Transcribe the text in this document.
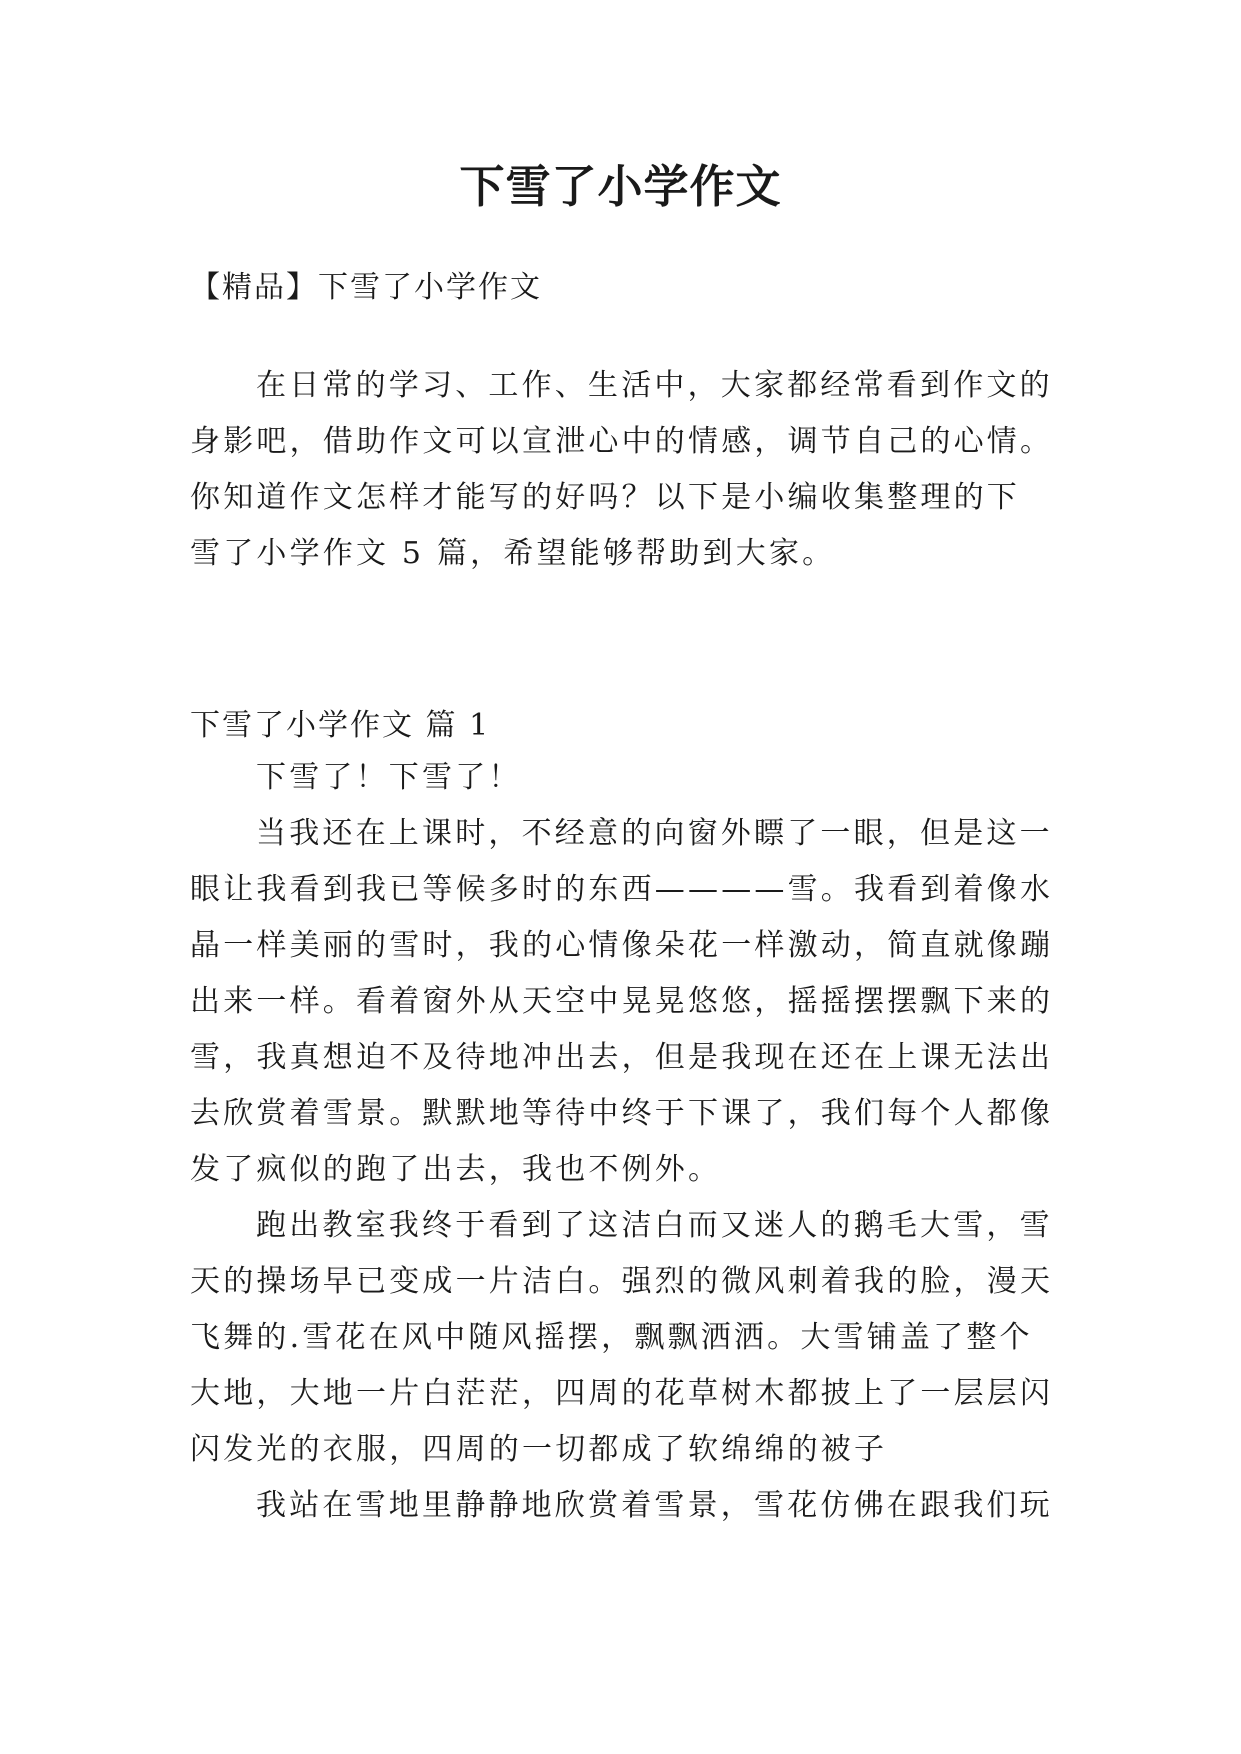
下雪了小学作文

【精品】下雪了小学作文

在日常的学习、工作、生活中，大家都经常看到作文的
身影吧，借助作文可以宣泄心中的情感，调节自己的心情。
你知道作文怎样才能写的好吗？以下是小编收集整理的下
雪了小学作文 5 篇，希望能够帮助到大家。

下雪了小学作文 篇 1

下雪了！下雪了！
当我还在上课时，不经意的向窗外瞟了一眼，但是这一
眼让我看到我已等候多时的东西————雪。我看到着像水
晶一样美丽的雪时，我的心情像朵花一样激动，简直就像蹦
出来一样。看着窗外从天空中晃晃悠悠，摇摇摆摆飘下来的
雪，我真想迫不及待地冲出去，但是我现在还在上课无法出
去欣赏着雪景。默默地等待中终于下课了，我们每个人都像
发了疯似的跑了出去，我也不例外。
跑出教室我终于看到了这洁白而又迷人的鹅毛大雪，雪
天的操场早已变成一片洁白。强烈的微风刺着我的脸，漫天
飞舞的.雪花在风中随风摇摆，飘飘洒洒。大雪铺盖了整个
大地，大地一片白茫茫，四周的花草树木都披上了一层层闪
闪发光的衣服，四周的一切都成了软绵绵的被子
我站在雪地里静静地欣赏着雪景，雪花仿佛在跟我们玩
